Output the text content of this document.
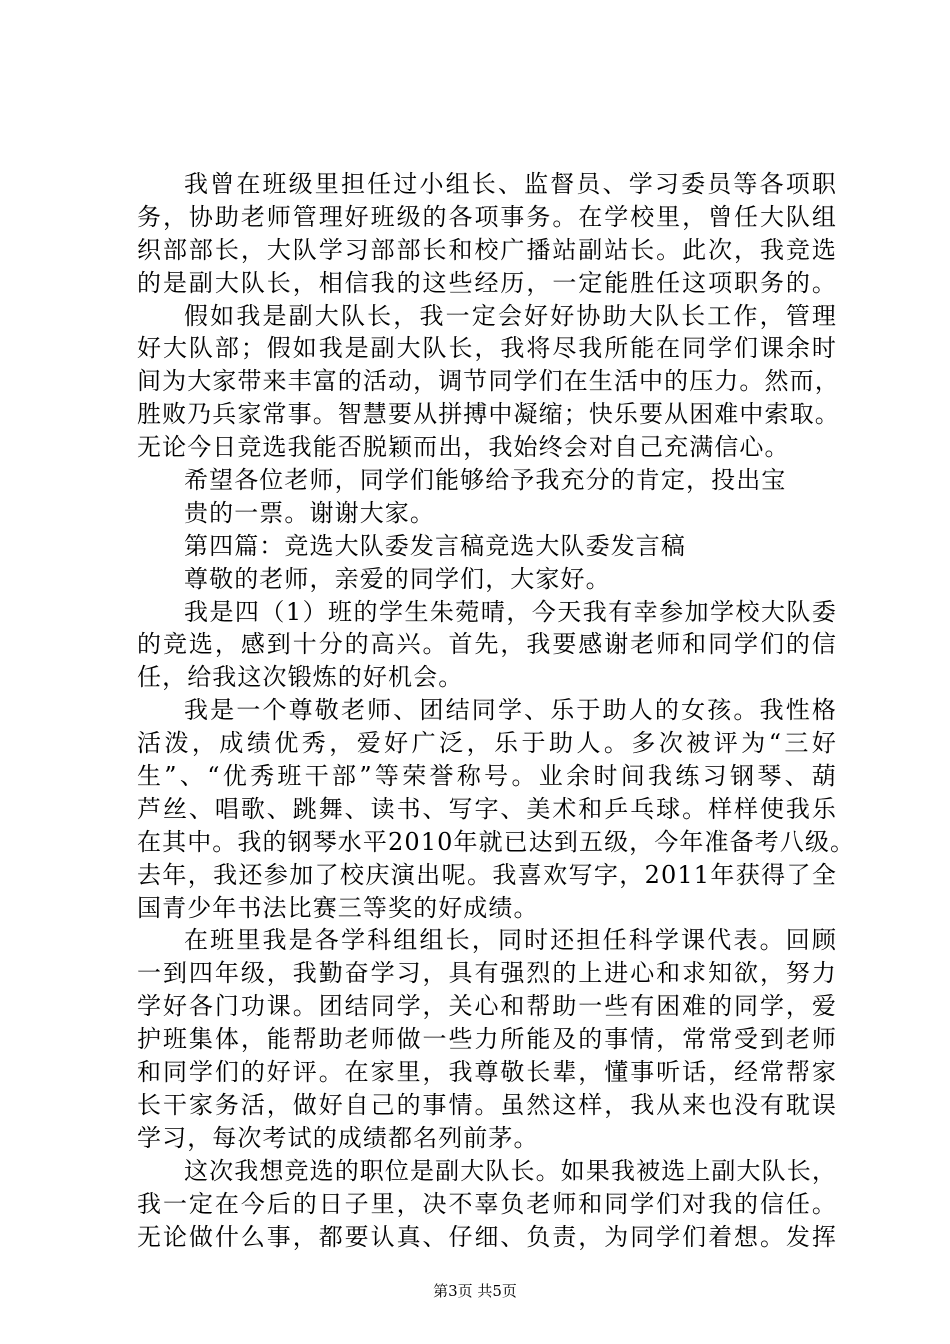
我曾在班级里担任过小组长、监督员、学习委员等各项职
务，协助老师管理好班级的各项事务。在学校里，曾任大队组
织部部长，大队学习部部长和校广播站副站长。此次，我竞选
的是副大队长，相信我的这些经历，一定能胜任这项职务的。
假如我是副大队长，我一定会好好协助大队长工作，管理
好大队部；假如我是副大队长，我将尽我所能在同学们课余时
间为大家带来丰富的活动，调节同学们在生活中的压力。然而，
胜败乃兵家常事。智慧要从拼搏中凝缩；快乐要从困难中索取。
无论今日竞选我能否脱颖而出，我始终会对自己充满信心。
希望各位老师，同学们能够给予我充分的肯定，投出宝
贵的一票。谢谢大家。
第四篇：竞选大队委发言稿竞选大队委发言稿
尊敬的老师，亲爱的同学们，大家好。
我是四（1）班的学生朱菀晴，今天我有幸参加学校大队委
的竞选，感到十分的高兴。首先，我要感谢老师和同学们的信
任，给我这次锻炼的好机会。
我是一个尊敬老师、团结同学、乐于助人的女孩。我性格
活泼，成绩优秀，爱好广泛，乐于助人。多次被评为“三好
生”、“优秀班干部”等荣誉称号。业余时间我练习钢琴、葫
芦丝、唱歌、跳舞、读书、写字、美术和乒乓球。样样使我乐
在其中。我的钢琴水平2010年就已达到五级，今年准备考八级。
去年，我还参加了校庆演出呢。我喜欢写字，2011年获得了全
国青少年书法比赛三等奖的好成绩。
在班里我是各学科组组长，同时还担任科学课代表。回顾
一到四年级，我勤奋学习，具有强烈的上进心和求知欲，努力
学好各门功课。团结同学，关心和帮助一些有困难的同学，爱
护班集体，能帮助老师做一些力所能及的事情，常常受到老师
和同学们的好评。在家里，我尊敬长辈，懂事听话，经常帮家
长干家务活，做好自己的事情。虽然这样，我从来也没有耽误
学习，每次考试的成绩都名列前茅。
这次我想竞选的职位是副大队长。如果我被选上副大队长，
我一定在今后的日子里，决不辜负老师和同学们对我的信任。
无论做什么事，都要认真、仔细、负责，为同学们着想。发挥
第3页 共5页
